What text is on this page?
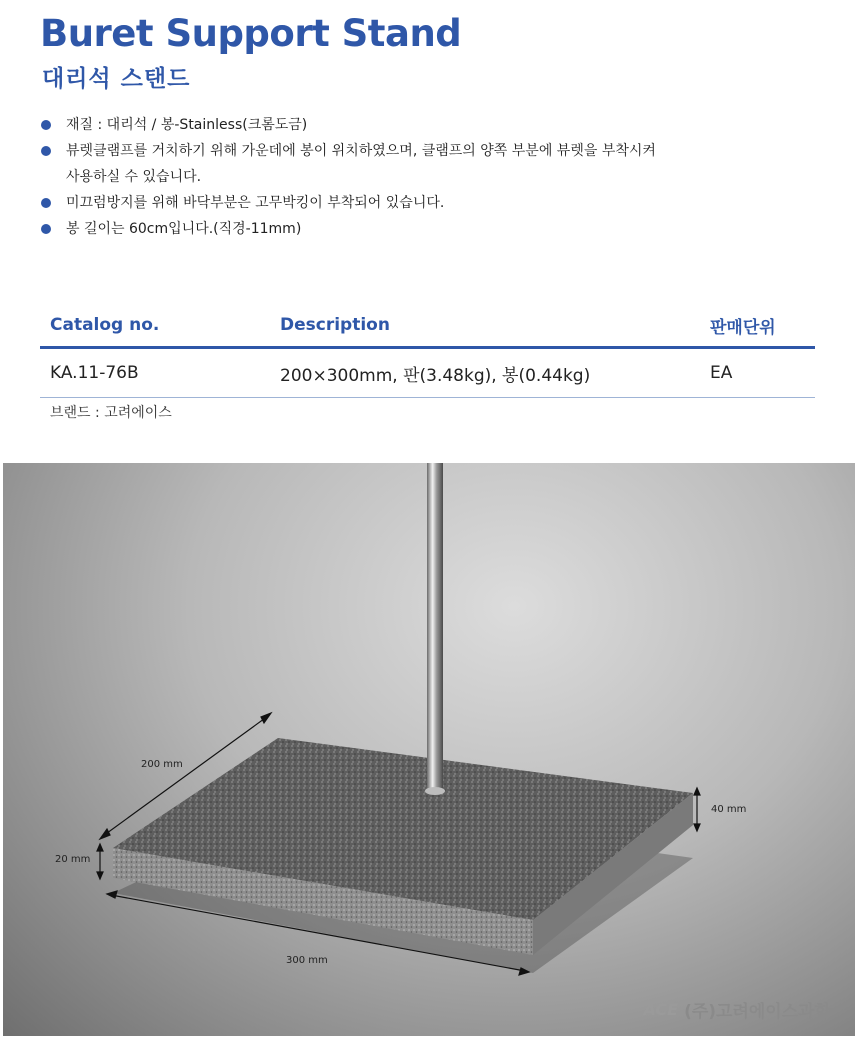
Buret Support Stand
대리석 스탠드
재질 : 대리석 / 봉-Stainless(크롬도금)
뷰렛클램프를 거치하기 위해 가운데에 봉이 위치하였으며, 클램프의 양쪽 부분에 뷰렛을 부착시켜
사용하실 수 있습니다.
미끄럼방지를 위해 바닥부분은 고무박킹이 부착되어 있습니다.
봉 길이는 60cm입니다.(직경-11mm)
Catalog no.	Description	판매단위
KA.11-76B	200×300mm, 판(3.48kg), 봉(0.44kg)	EA
브랜드 : 고려에이스
200 mm
300 mm
20 mm
40 mm
ACE (주)고려에이스과학
